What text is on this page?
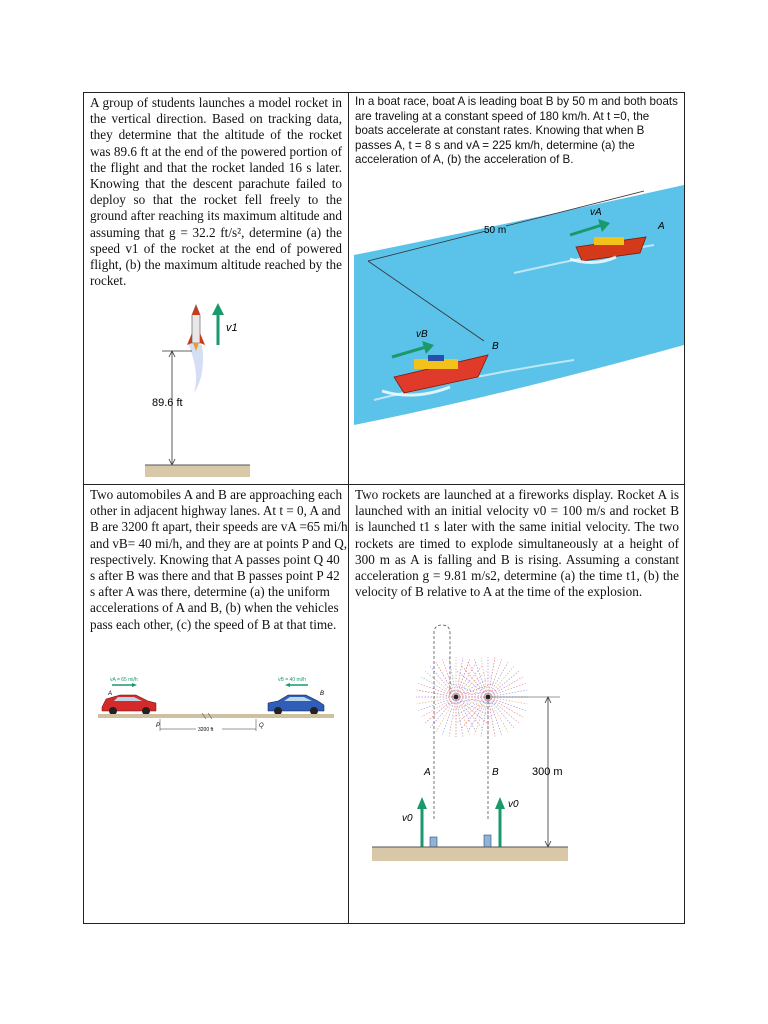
A group of students launches a model rocket in the vertical direction. Based on tracking data, they determine that the altitude of the rocket was 89.6 ft at the end of the powered portion of the flight and that the rocket landed 16 s later. Knowing that the descent parachute failed to deploy so that the rocket fell freely to the ground after reaching its maximum altitude and assuming that g = 32.2 ft/s², determine (a) the speed v1 of the rocket at the end of powered flight, (b) the maximum altitude reached by the rocket.
v1
89.6 ft
In a boat race, boat A is leading boat B by 50 m and both boats are traveling at a constant speed of 180 km/h. At t =0, the boats accelerate at constant rates. Knowing that when B passes A, t = 8 s and vA = 225 km/h, determine (a) the acceleration of A, (b) the acceleration of B.
50 m
vA
A
vB
B
Two automobiles A and B are approaching each other in adjacent highway lanes. At t = 0, A and B are 3200 ft apart, their speeds are vA =65 mi/h and vB= 40 mi/h, and they are at points P and Q, respectively. Knowing that A passes point Q 40 s after B was there and that B passes point P 42 s after A was there, determine (a) the uniform accelerations of A and B, (b) when the vehicles pass each other, (c) the speed of B at that time.
vA = 65 mi/h
A
vB = 40 mi/h
B
P	Q
3200 ft
Two rockets are launched at a fireworks display. Rocket A is launched with an initial velocity v0 = 100 m/s and rocket B is launched t1 s later with the same initial velocity. The two rockets are timed to explode simultaneously at a height of 300 m as A is falling and B is rising. Assuming a constant acceleration g = 9.81 m/s2, determine (a) the time t1, (b) the velocity of B relative to A at the time of the explosion.
300 m
A	B
v0
v0
